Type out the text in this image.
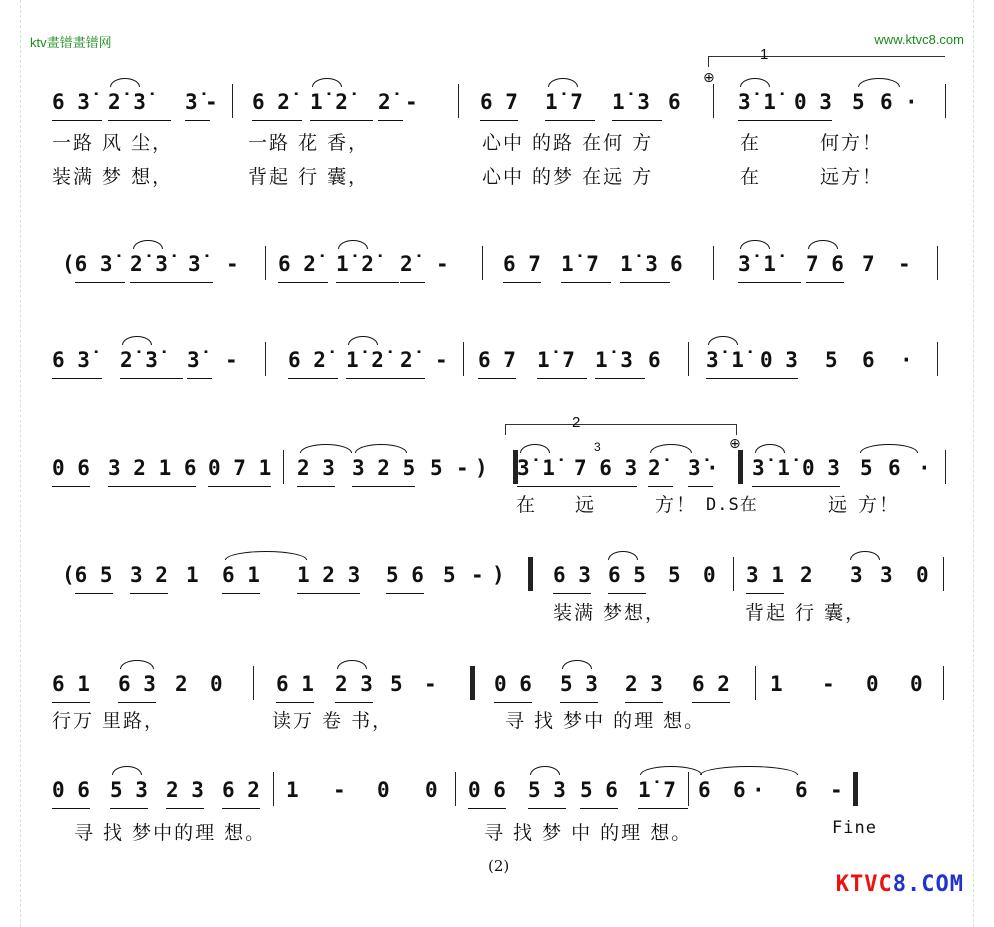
ktv畫镨畫镨网	www.ktvc8.com
6 3̇ 2̇ 3̇ 3̇ - 6 2̇ 1̇ 2̇ 2̇ -	6 7 1̇ 7 1̇ 3 6	3̇ 1̇ 0 3 5 6 ·
一路 风 尘，	一路 花 香，	心中 的路 在何 方	在	何方！
装满 梦 想，	背起 行 囊，	心中 的梦 在远 方	在	远方！
(6 3̇ 2̇ 3̇ 3̇ - 6 2̇ 1̇ 2̇ 2̇ -	6 7 1̇ 7 1̇ 3 6	3̇ 1̇ 7 6 7 -
6 3̇ 2̇ 3̇ 3̇ - 6 2̇ 1̇ 2̇ 2̇ - 6 7 1̇ 7 1̇ 3 6 3̇ 1̇ 0 3 5 6 ·
0 6 3 2 1 6 0 7 1 2 3 3 2 5 5 - ) 3̇ 1̇ 7 6 3 2̇ 3̇ · 3̇ 1̇ 0 3 5 6 ·
在 远	方！ D.S在	远 方！
(6 5 3 2 1 6 1 1 2 3 5 6 5 - ) 6 3 6 5 5 0 3 1 2 3 3 0
装满 梦想，	背起 行 囊，
6 1 6 3 2 0	6 1 2 3 5 -	0 6 5 3 2 3 6 2 1 - 0 0
行万 里路，	读万 卷 书，	寻 找 梦中 的理 想。
0 6 5 3 2 3 6 2 1 - 0 0 0 6 5 3 5 6 1̇ 7 6 6 · 6 -
寻 找 梦中的理 想。	寻 找 梦 中 的理 想。	Fine
1
2
3
⊕
⊕
(2)
KTVC8.COM
